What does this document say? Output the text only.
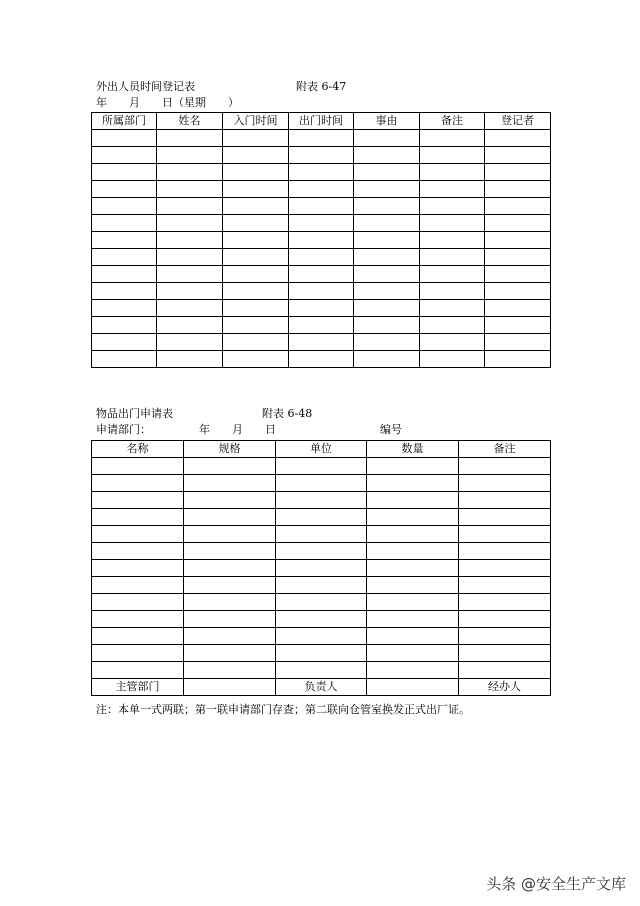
外出人员时间登记表	附表 6-47
年　　月　　日（星期　　）
所属部门	姓名	入门时间	出门时间	事由	备注	登记者

物品出门申请表	附表 6-48
申请部门：	年　　月　　日	编号
名称	规格	单位	数量	备注

主管部门		负责人		经办人
注：本单一式两联；第一联申请部门存查；第二联向仓管室换发正式出厂证。
头条 @安全生产文库
